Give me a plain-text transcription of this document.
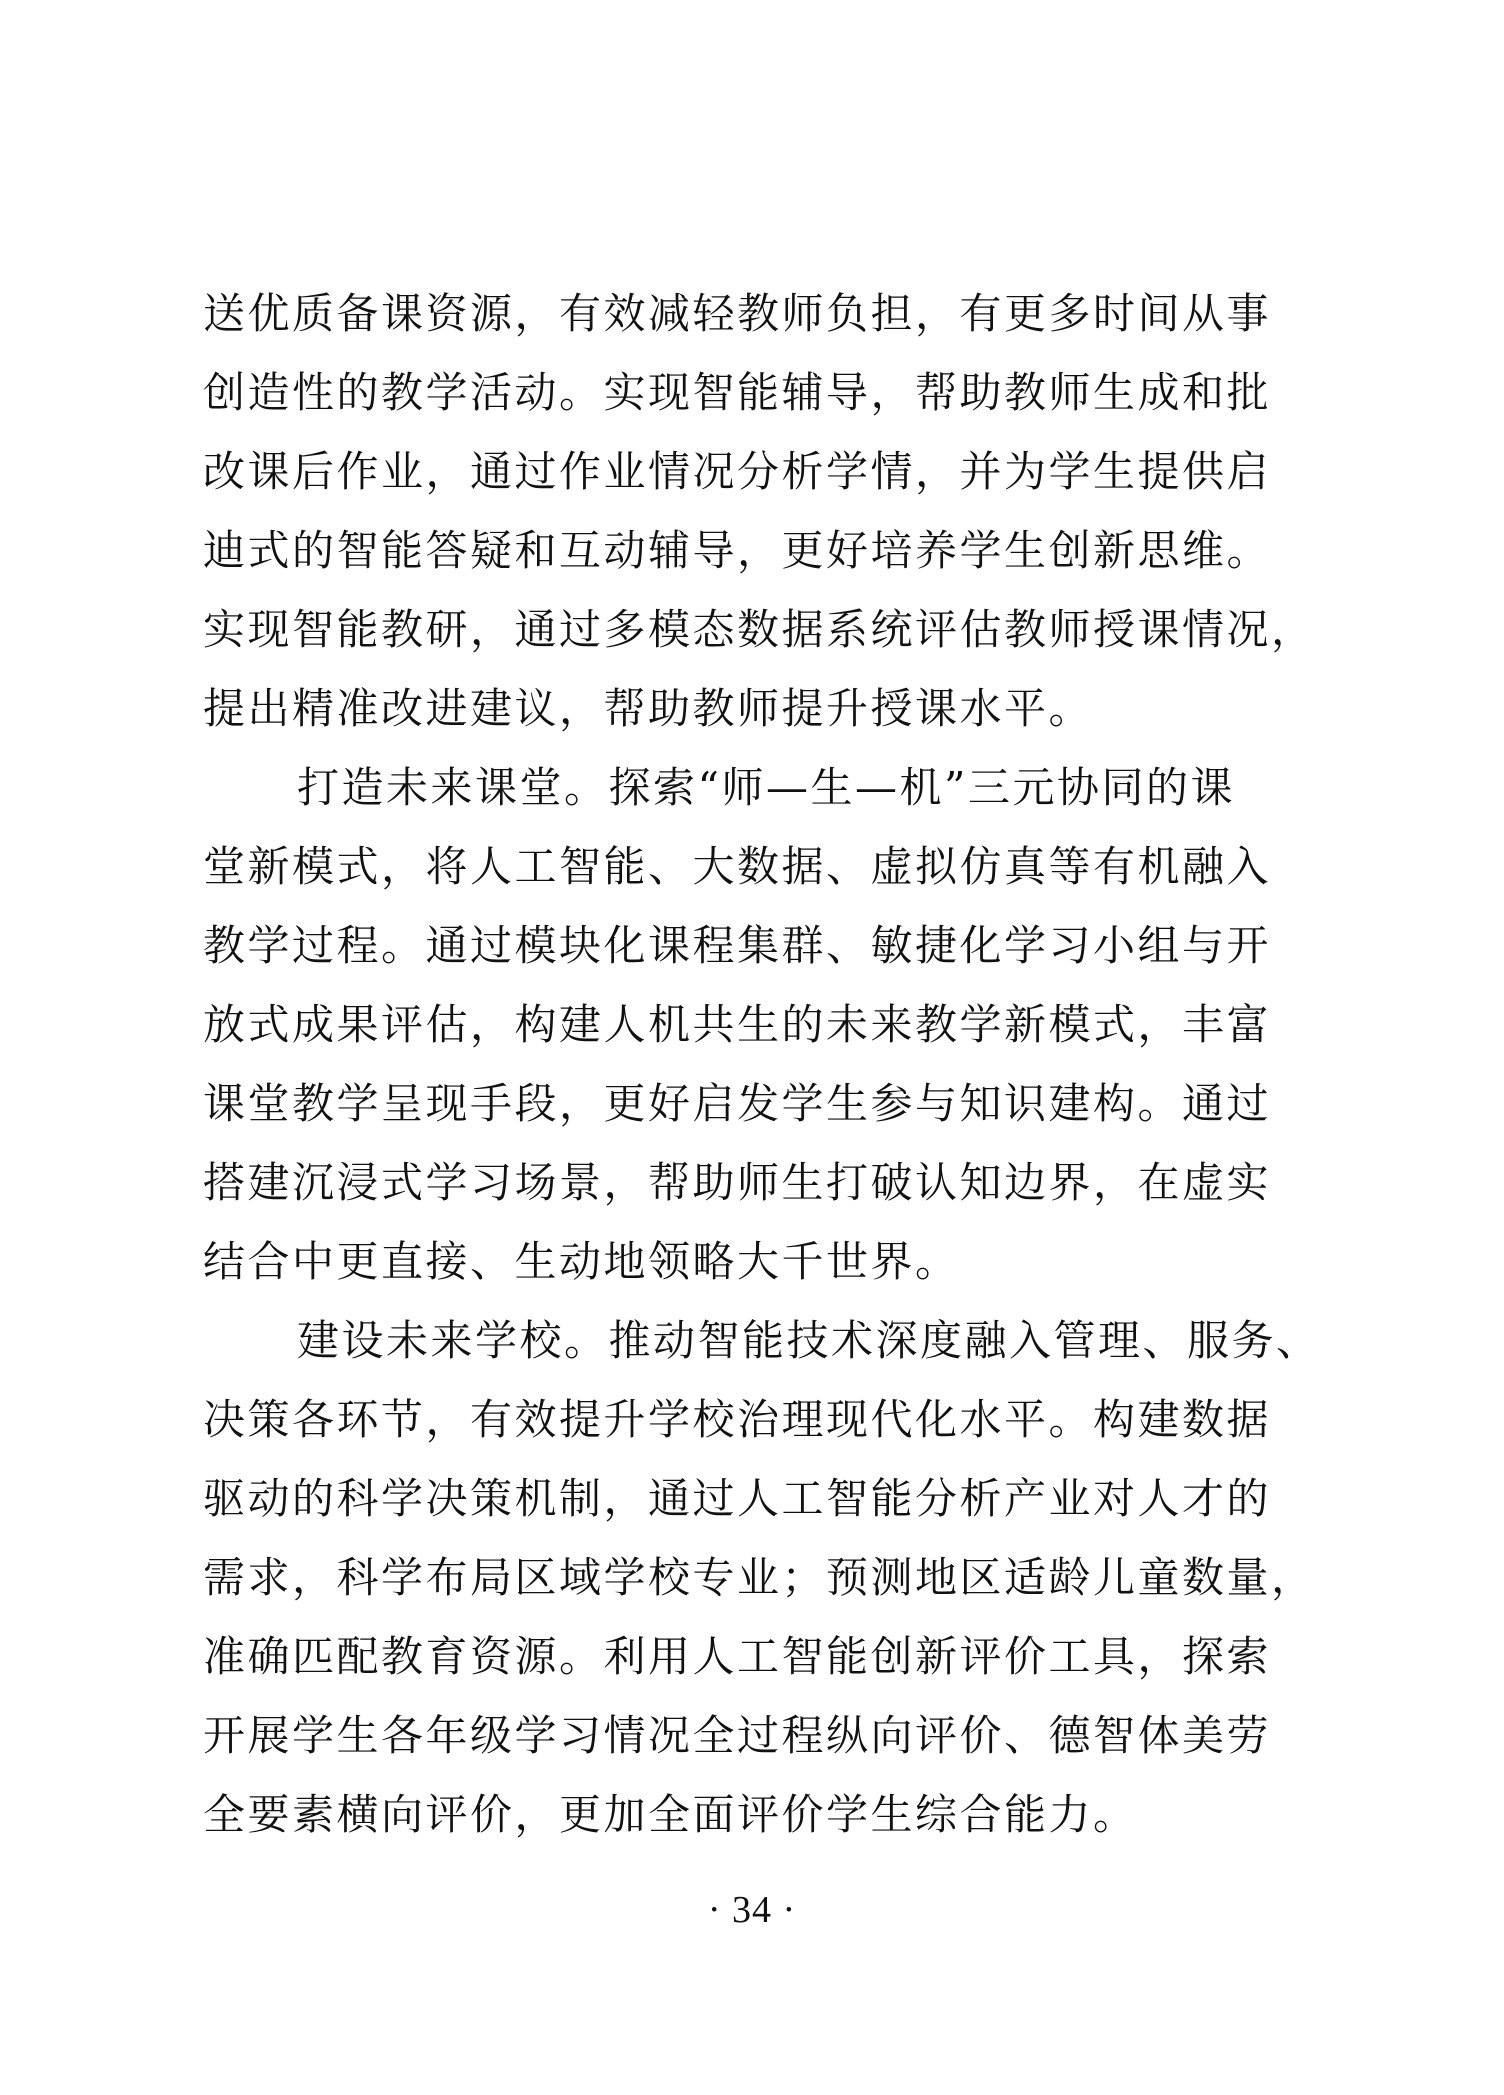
送优质备课资源，有效减轻教师负担，有更多时间从事
创造性的教学活动。实现智能辅导，帮助教师生成和批
改课后作业，通过作业情况分析学情，并为学生提供启
迪式的智能答疑和互动辅导，更好培养学生创新思维。
实现智能教研，通过多模态数据系统评估教师授课情况，
提出精准改进建议，帮助教师提升授课水平。
打造未来课堂。探索“师—生—机”三元协同的课
堂新模式，将人工智能、大数据、虚拟仿真等有机融入
教学过程。通过模块化课程集群、敏捷化学习小组与开
放式成果评估，构建人机共生的未来教学新模式，丰富
课堂教学呈现手段，更好启发学生参与知识建构。通过
搭建沉浸式学习场景，帮助师生打破认知边界，在虚实
结合中更直接、生动地领略大千世界。
建设未来学校。推动智能技术深度融入管理、服务、
决策各环节，有效提升学校治理现代化水平。构建数据
驱动的科学决策机制，通过人工智能分析产业对人才的
需求，科学布局区域学校专业；预测地区适龄儿童数量，
准确匹配教育资源。利用人工智能创新评价工具，探索
开展学生各年级学习情况全过程纵向评价、德智体美劳
全要素横向评价，更加全面评价学生综合能力。
· 34 ·
